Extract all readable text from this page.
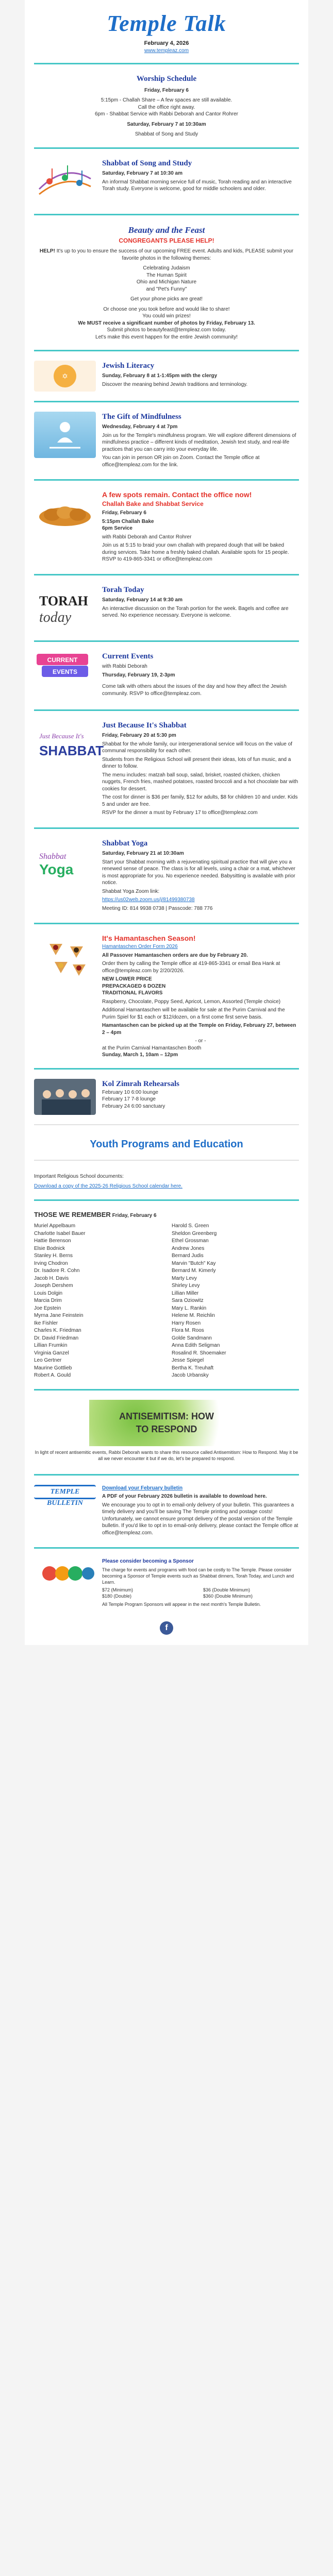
Temple Talk
February 4, 2026
www.templeaz.com
Worship Schedule

Friday, February 6

5:15pm - Challah Share – A few spaces are still available.
Call the office right away.
6pm - Shabbat Service with Rabbi Deborah and Cantor Rohrer

Saturday, February 7 at 10:30am

Shabbat of Song and Study
Shabbat of Song and Study

Saturday, February 7 at 10:30 am

An informal Shabbat morning service full of music, Torah reading and an interactive Torah study. Everyone is welcome, good for middle schoolers and older.

Beauty and the Feast
CONGREGANTS PLEASE HELP!

HELP! It's up to you to ensure the success of our upcoming FREE event. Adults and kids, PLEASE submit your favorite photos in the following themes:

Celebrating Judaism
The Human Spirit
Ohio and Michigan Nature
and "Pet's Funny"

Get your phone picks are great!

Or choose one you took before and would like to share!
You could win prizes!
We MUST receive a significant number of photos by Friday, February 13.
Submit photos to beautyfeast@templeaz.com today.
Let's make this event happen for the entire Jewish community!
✡
Jewish Literacy

Sunday, February 8 at 1-1:45pm with the clergy

Discover the meaning behind Jewish traditions and terminology.

The Gift of Mindfulness

Wednesday, February 4 at 7pm

Join us for the Temple's mindfulness program. We will explore different dimensions of mindfulness practice – different kinds of meditation, Jewish text study, and real-life practices that you can carry into your everyday life.

You can join in person OR join on Zoom. Contact the Temple office at office@templeaz.com for the link.

A few spots remain. Contact the office now!
Challah Bake and Shabbat Service

Friday, February 6

5:15pm Challah Bake
6pm Service

with Rabbi Deborah and Cantor Rohrer

Join us at 5:15 to braid your own challah with prepared dough that will be baked during services. Take home a freshly baked challah. Available spots for 15 people. RSVP to 419-865-3341 or office@templeaz.com

TORAH
today
Torah Today

Saturday, February 14 at 9:30 am

An interactive discussion on the Torah portion for the week. Bagels and coffee are served. No experience necessary. Everyone is welcome.

CURRENT
EVENTS
Current Events

with Rabbi Deborah

Thursday, February 19, 2-3pm

Come talk with others about the issues of the day and how they affect the Jewish community. RSVP to office@templeaz.com.

Just Because It's
SHABBAT
Just Because It's Shabbat

Friday, February 20 at 5:30 pm

Shabbat for the whole family, our intergenerational service will focus on the value of communal responsibility for each other.

Students from the Religious School will present their ideas, lots of fun music, and a dinner to follow.

The menu includes: matzah ball soup, salad, brisket, roasted chicken, chicken nuggets, French fries, mashed potatoes, roasted broccoli and a hot chocolate bar with cookies for dessert.

The cost for dinner is $36 per family, $12 for adults, $8 for children 10 and under. Kids 5 and under are free.

RSVP for the dinner a must by February 17 to office@templeaz.com

Shabbat
Yoga
Shabbat Yoga

Saturday, February 21 at 10:30am

Start your Shabbat morning with a rejuvenating spiritual practice that will give you a renewed sense of peace. The class is for all levels, using a chair or a mat, whichever is most appropriate for you. No experience needed. Babysitting is available with prior notice.

Shabbat Yoga Zoom link:

https://us02web.zoom.us/j/81499380738

Meeting ID: 814 9938 0738 | Passcode: 788 776

It's Hamantaschen Season!
Hamantaschen Order Form 2026

All Passover Hamantaschen orders are due by February 20.

Order them by calling the Temple office at 419-865-3341 or email Bea Hank at office@templeaz.com by 2/20/2026.

NEW LOWER PRICE
PREPACKAGED 6 DOZEN
TRADITIONAL FLAVORS

Raspberry, Chocolate, Poppy Seed, Apricot, Lemon, Assorted (Temple choice)

Additional Hamantaschen will be available for sale at the Purim Carnival and the Purim Spiel for $1 each or $12/dozen, on a first come first serve basis.

Hamantaschen can be picked up at the Temple on Friday, February 27, between 2 – 4pm

- or -
at the Purim Carnival Hamantaschen Booth
Sunday, March 1, 10am – 12pm
Kol Zimrah Rehearsals
February 10 6:00 lounge
February 17 7-8 lounge
February 24 6:00 sanctuary
Youth Programs and Education

Important Religious School documents:

Download a copy of the 2025-26 Religious School calendar here.
THOSE WE REMEMBER Friday, February 6
Muriel Appelbaum
Charlotte Isabel Bauer
Hattie Berenson
Elsie Bodnick
Stanley H. Berns
Irving Chodron
Dr. Isadore R. Cohn
Jacob H. Davis
Joseph Dershem
Louis Dolgin
Marcia Drim
Joe Epstein
Myrna Jane Feinstein
Ike Fishler
Charles K. Friedman
Dr. David Friedman
Lillian Frumkin
Virginia Ganzel
Leo Gertner
Maurine Gottlieb
Robert A. Gould
Harold S. Green
Sheldon Greenberg
Ethel Grossman
Andrew Jones
Bernard Judis
Marvin "Butch" Kay
Bernard M. Kimerly
Marty Levy
Shirley Levy
Lillian Miller
Sara Oziowitz
Mary L. Rankin
Helene M. Reichlin
Harry Rosen
Flora M. Roos
Golde Sandmann
Anna Edith Seligman
Rosalind R. Shoemaker
Jesse Spiegel
Bertha K. Treuhaft
Jacob Urbansky
ANTISEMITISM: HOW TO RESPOND

In light of recent antisemitic events, Rabbi Deborah wants to share this resource called Antisemitism: How to Respond. May it be all we never encounter it but if we do, let's be prepared to respond.

TEMPLE BULLETIN
Download your February bulletin

A PDF of your February 2026 bulletin is available to download here.

We encourage you to opt in to email-only delivery of your bulletin. This guarantees a timely delivery and you'll be saving The Temple printing and postage costs! Unfortunately, we cannot ensure prompt delivery of the postal version of the Temple bulletin. If you'd like to opt in to email-only delivery, please contact the Temple office at office@templeaz.com.

Please consider becoming a Sponsor

The charge for events and programs with food can be costly to The Temple. Please consider becoming a Sponsor of Temple events such as Shabbat dinners, Torah Today, and Lunch and Learn.

$72 (Minimum)
$180 (Double)
$36 (Double Minimum)
$360 (Double Minimum)

All Temple Program Sponsors will appear in the next month's Temple Bulletin.

f
